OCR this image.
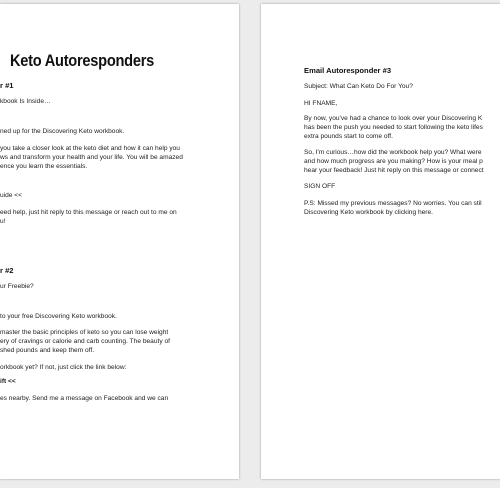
Keto Autoresponders
r #1
kbook Is Inside…
ned up for the Discovering Keto workbook.
you take a closer look at the keto diet and how it can help you
ws and transform your health and your life. You will be amazed
ence you learn the essentials.
uide <<
eed help, just hit reply to this message or reach out to me on
u!
r #2
ur Freebie?
to your free Discovering Keto workbook.
master the basic principles of keto so you can lose weight
ery of cravings or calorie and carb counting. The beauty of
shed pounds and keep them off.
orkbook yet? If not, just click the link below:
ift <<
es nearby. Send me a message on Facebook and we can
Email Autoresponder #3
Subject: What Can Keto Do For You?
HI FNAME,
By now, you've had a chance to look over your Discovering K
has been the push you needed to start following the keto lifes
extra pounds start to come off.
So, I'm curious…how did the workbook help you? What were
and how much progress are you making? How is your meal p
hear your feedback! Just hit reply on this message or connect
SIGN OFF
P.S: Missed my previous messages? No worries. You can stil
Discovering Keto workbook by clicking here.
